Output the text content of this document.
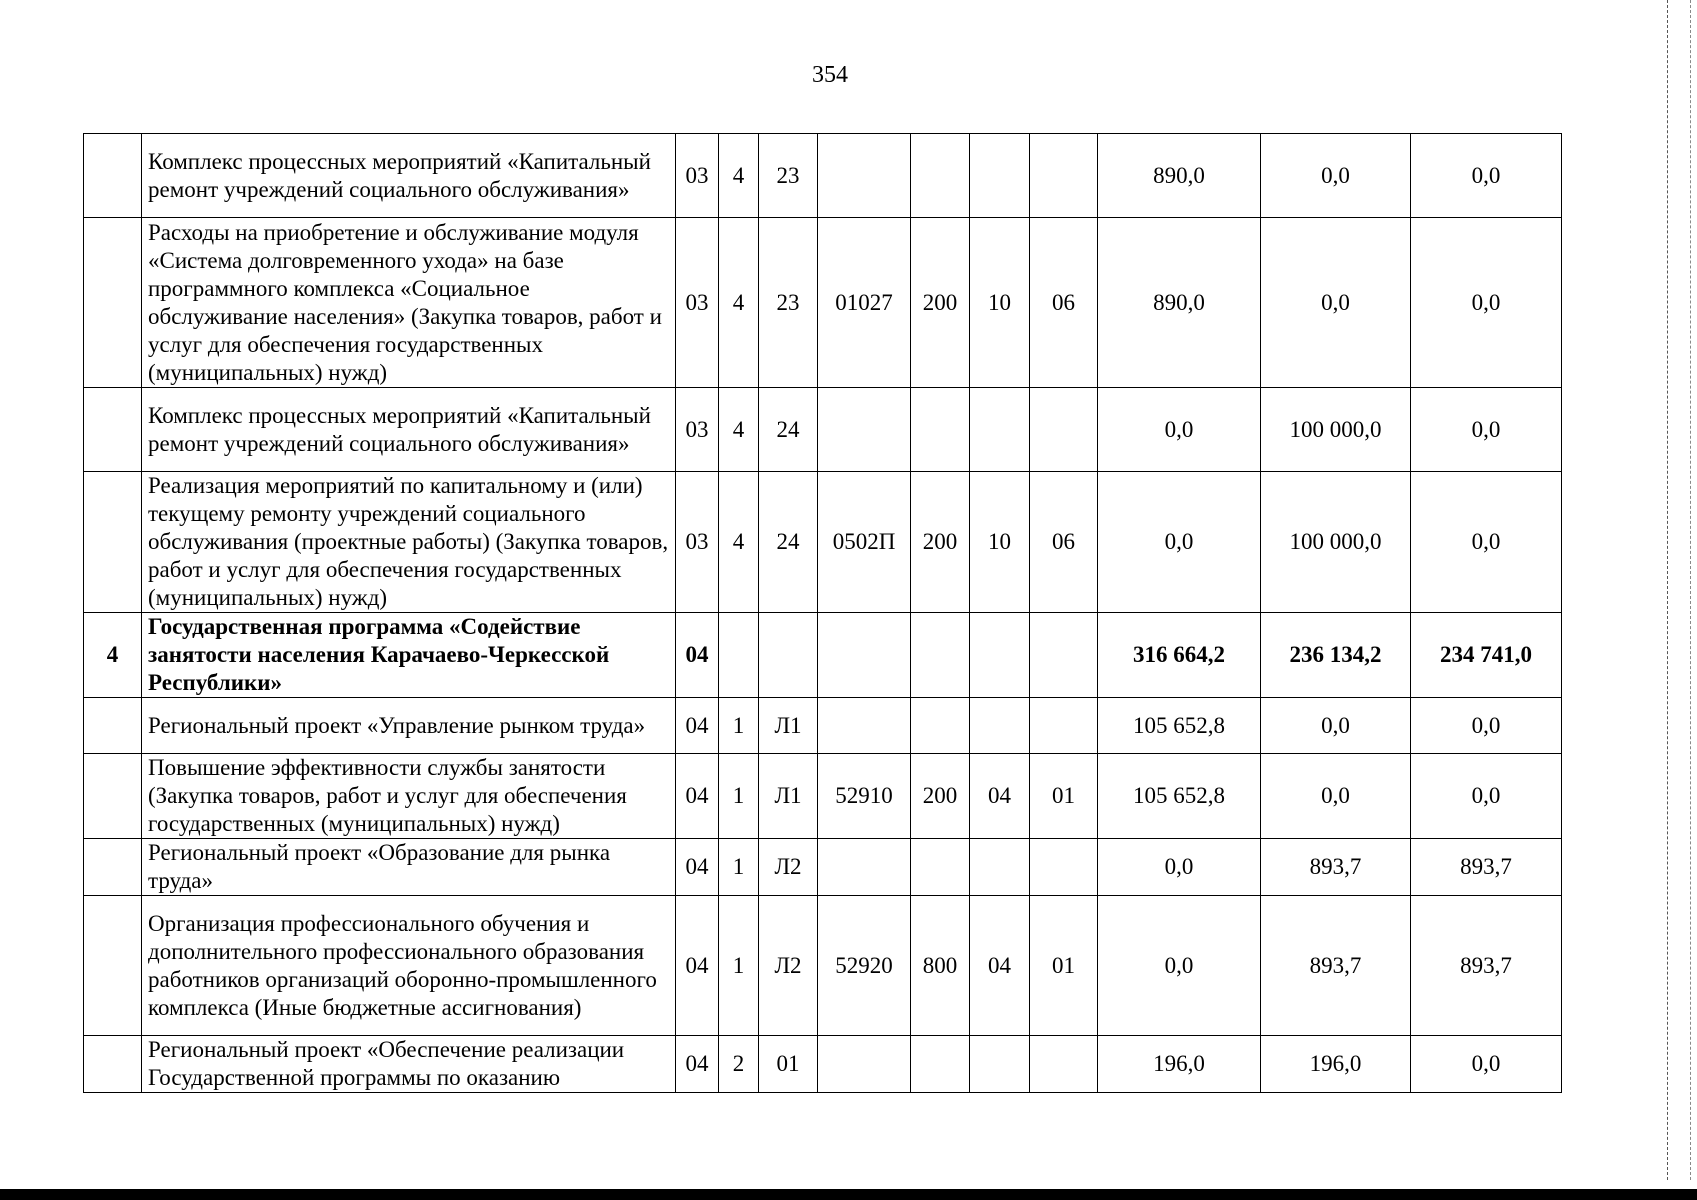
354
	Комплекс процессных мероприятий «Капитальный ремонт учреждений социального обслуживания»	03	4	23					890,0	0,0	0,0
	Расходы на приобретение и обслуживание модуля «Система долговременного ухода» на базе программного комплекса «Социальное обслуживание населения» (Закупка товаров, работ и услуг для обеспечения государственных (муниципальных) нужд)	03	4	23	01027	200	10	06	890,0	0,0	0,0
	Комплекс процессных мероприятий «Капитальный ремонт учреждений социального обслуживания»	03	4	24					0,0	100 000,0	0,0
	Реализация мероприятий по капитальному и (или) текущему ремонту учреждений социального обслуживания (проектные работы) (Закупка товаров, работ и услуг для обеспечения государственных (муниципальных) нужд)	03	4	24	0502П	200	10	06	0,0	100 000,0	0,0
4	Государственная программа «Содействие занятости населения Карачаево-Черкесской Республики»	04							316 664,2	236 134,2	234 741,0
	Региональный проект «Управление рынком труда»	04	1	Л1					105 652,8	0,0	0,0
	Повышение эффективности службы занятости (Закупка товаров, работ и услуг для обеспечения государственных (муниципальных) нужд)	04	1	Л1	52910	200	04	01	105 652,8	0,0	0,0
	Региональный проект «Образование для рынка труда»	04	1	Л2					0,0	893,7	893,7
	Организация профессионального обучения и дополнительного профессионального образования работников организаций оборонно-промышленного комплекса (Иные бюджетные ассигнования)	04	1	Л2	52920	800	04	01	0,0	893,7	893,7
	Региональный проект «Обеспечение реализации Государственной программы по оказанию	04	2	01					196,0	196,0	0,0
